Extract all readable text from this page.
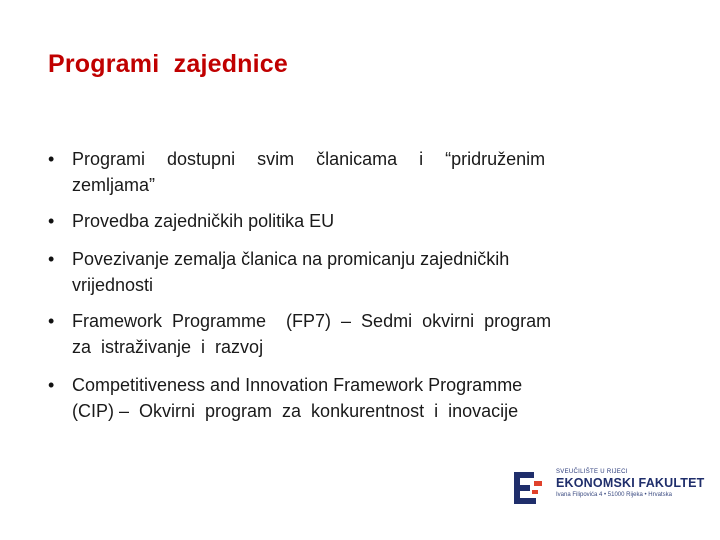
Programi  zajednice
• Programi  dostupni  svim  članicama  i  “pridruženim
zemljama”
• Provedba zajedničkih politika EU
• Povezivanje zemalja članica na promicanju zajedničkih
vrijednosti
• Framework  Programme    (FP7)  –  Sedmi  okvirni  program
za  istraživanje  i  razvoj
• Competitiveness and Innovation Framework Programme
(CIP) –  Okvirni  program  za  konkurentnost  i  inovacije
SVEUČILIŠTE U RIJECI
EKONOMSKI FAKULTET
Ivana Filipovića 4 • 51000 Rijeka • Hrvatska
